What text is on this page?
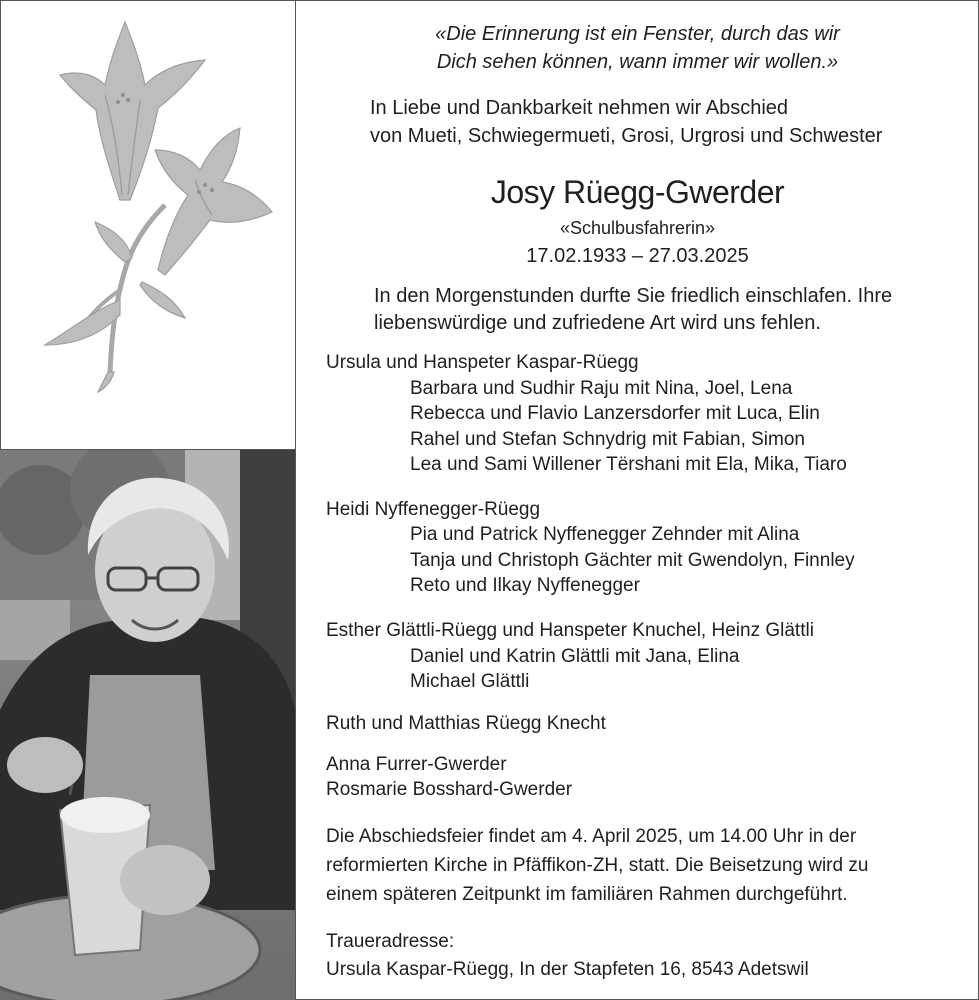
«Die Erinnerung ist ein Fenster, durch das wir
Dich sehen können, wann immer wir wollen.»
In Liebe und Dankbarkeit nehmen wir Abschied
von Mueti, Schwiegermueti, Grosi, Urgrosi und Schwester
Josy Rüegg-Gwerder
«Schulbusfahrerin»
17.02.1933 – 27.03.2025
In den Morgenstunden durfte Sie friedlich einschlafen. Ihre
liebenswürdige und zufriedene Art wird uns fehlen.
Ursula und Hanspeter Kaspar-Rüegg
Barbara und Sudhir Raju mit Nina, Joel, Lena
Rebecca und Flavio Lanzersdorfer mit Luca, Elin
Rahel und Stefan Schnydrig mit Fabian, Simon
Lea und Sami Willener Tërshani mit Ela, Mika, Tiaro
Heidi Nyffenegger-Rüegg
Pia und Patrick Nyffenegger Zehnder mit Alina
Tanja und Christoph Gächter mit Gwendolyn, Finnley
Reto und Ilkay Nyffenegger
Esther Glättli-Rüegg und Hanspeter Knuchel, Heinz Glättli
Daniel und Katrin Glättli mit Jana, Elina
Michael Glättli
Ruth und Matthias Rüegg Knecht
Anna Furrer-Gwerder
Rosmarie Bosshard-Gwerder
Die Abschiedsfeier findet am 4. April 2025, um 14.00 Uhr in der
reformierten Kirche in Pfäffikon-ZH, statt. Die Beisetzung wird zu
einem späteren Zeitpunkt im familiären Rahmen durchgeführt.
Traueradresse:
Ursula Kaspar-Rüegg, In der Stapfeten 16, 8543 Adetswil
